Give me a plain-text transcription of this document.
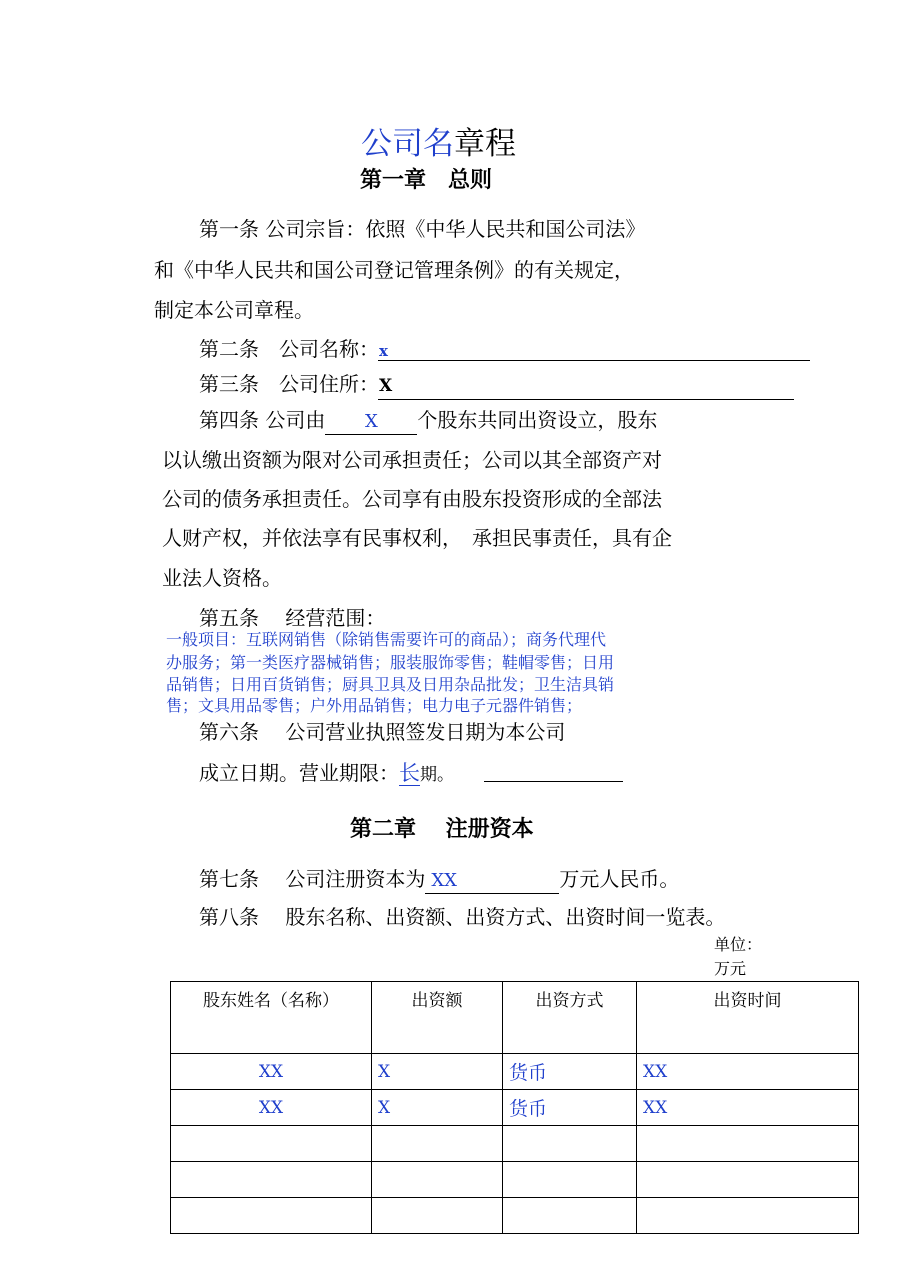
公司名章程
第一章　总则
第一条 公司宗旨：依照《中华人民共和国公司法》
和《中华人民共和国公司登记管理条例》的有关规定，
制定本公司章程。
第二条　公司名称：x
第三条　公司住所：X
第四条 公司由 X 个股东共同出资设立，股东
以认缴出资额为限对公司承担责任；公司以其全部资产对
公司的债务承担责任。公司享有由股东投资形成的全部法
人财产权，并依法享有民事权利，　承担民事责任，具有企
业法人资格。
第五条　 经营范围：
一般项目：互联网销售（除销售需要许可的商品）；商务代理代
办服务；第一类医疗器械销售；服装服饰零售；鞋帽零售；日用
品销售；日用百货销售；厨具卫具及日用杂品批发；卫生洁具销
售；文具用品零售；户外用品销售；电力电子元器件销售；
第六条　 公司营业执照签发日期为本公司
成立日期。营业期限：长期。
第二章　 注册资本
第七条　 公司注册资本为 XX	万元人民币。
第八条　 股东名称、出资额、出资方式、出资时间一览表。
单位：
万元
股东姓名（名称）	出资额	出资方式	出资时间
XX	X	货币	XX
XX	X	货币	XX
